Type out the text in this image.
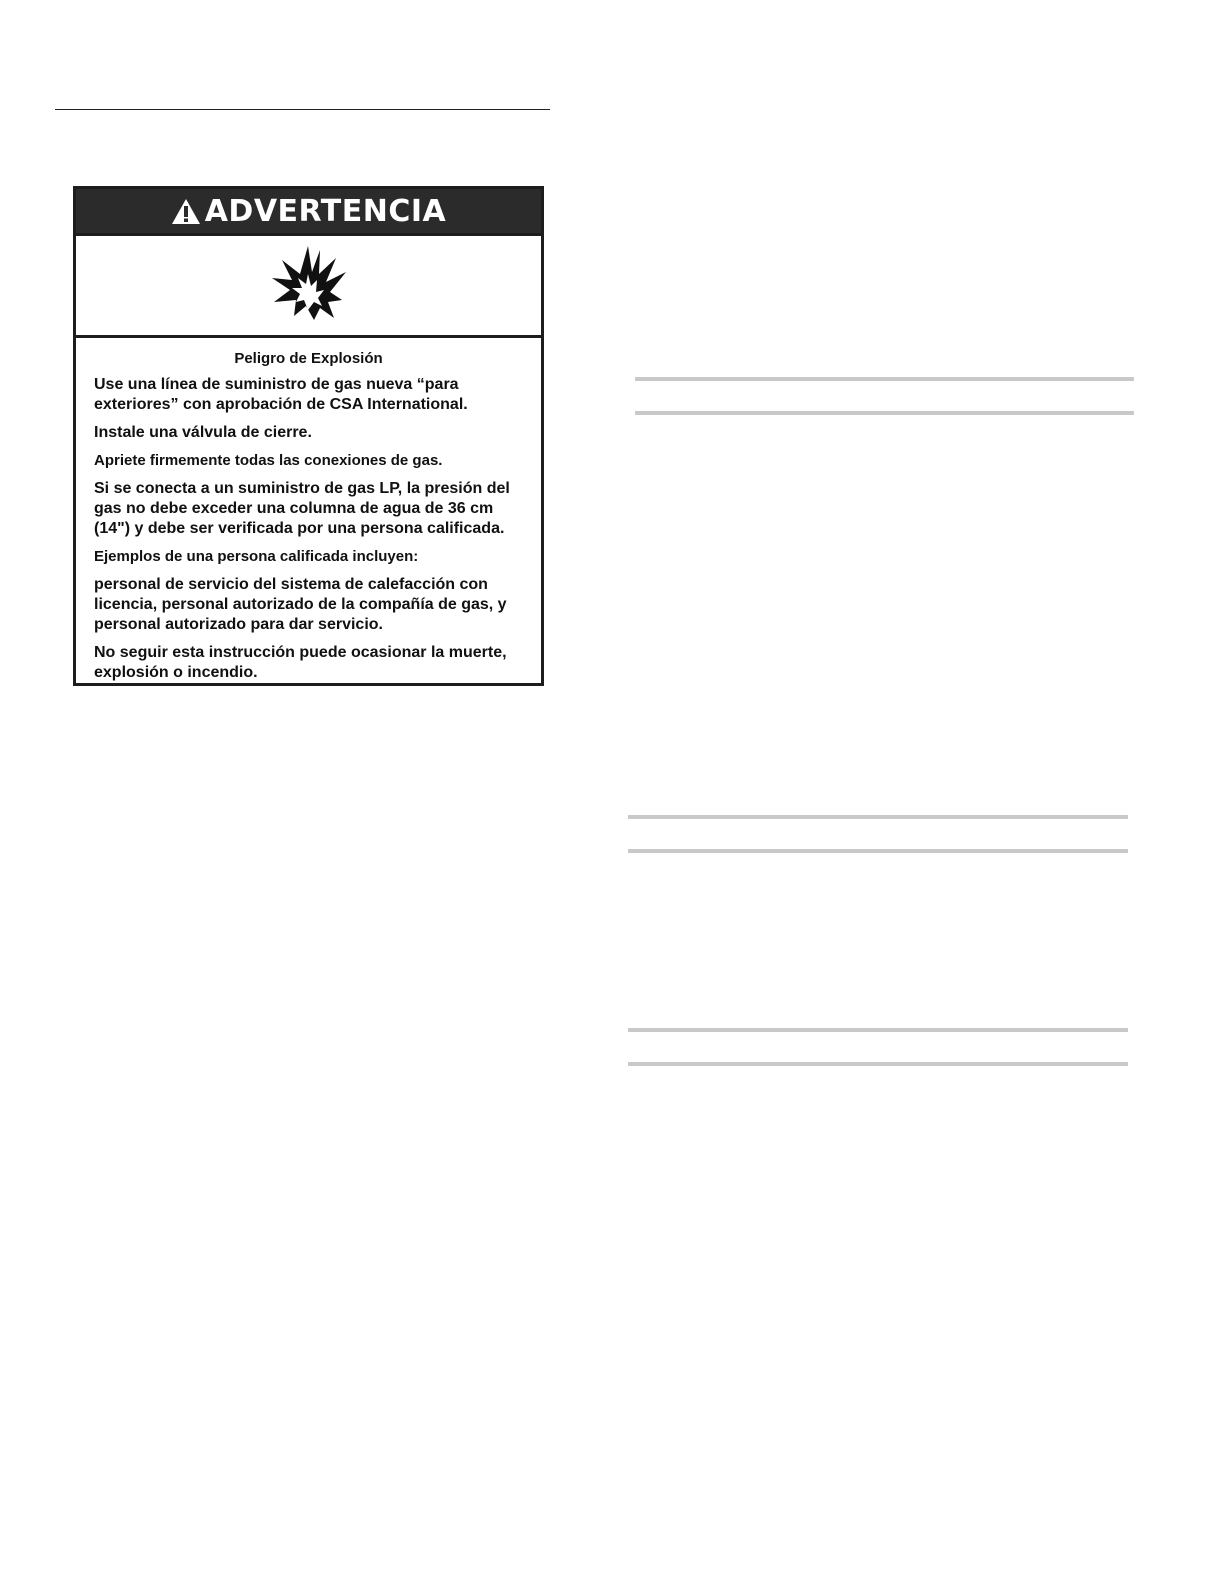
ADVERTENCIA
Peligro de Explosión

Use una línea de suministro de gas nueva “para exteriores” con aprobación de CSA International.

Instale una válvula de cierre.

Apriete firmemente todas las conexiones de gas.

Si se conecta a un suministro de gas LP, la presión del gas no debe exceder una columna de agua de 36 cm (14") y debe ser verificada por una persona calificada.

Ejemplos de una persona calificada incluyen:

personal de servicio del sistema de calefacción con licencia, personal autorizado de la compañía de gas, y personal autorizado para dar servicio.

No seguir esta instrucción puede ocasionar la muerte, explosión o incendio.
